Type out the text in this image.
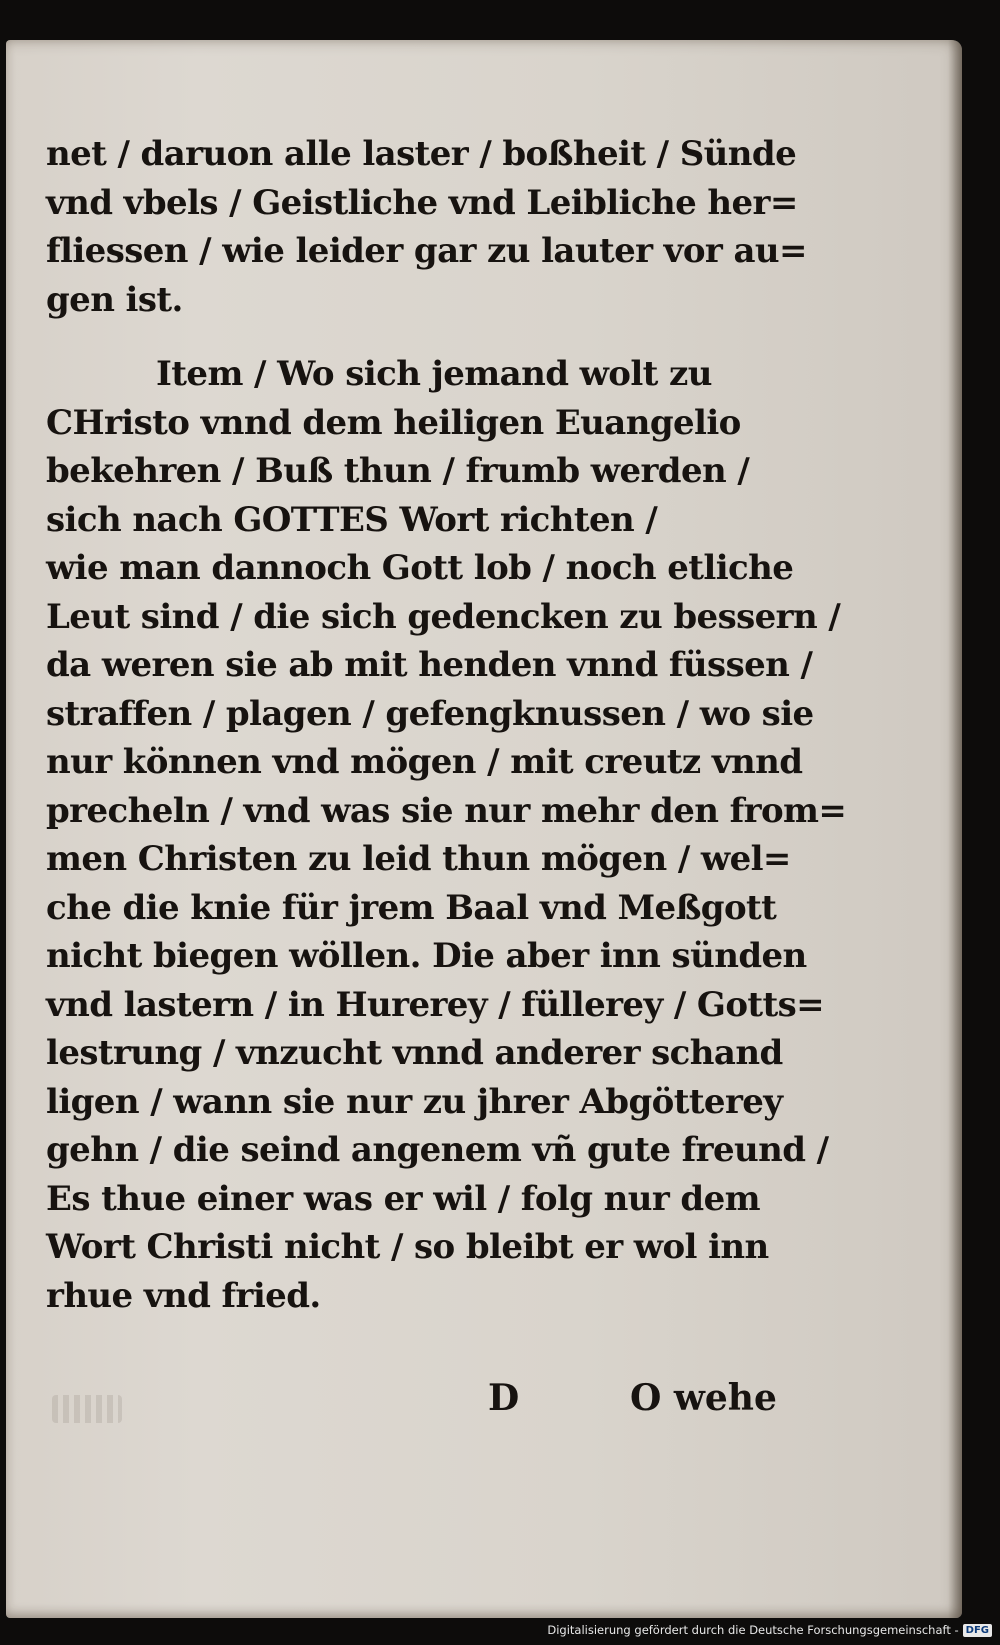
net / daruon alle laster / boßheit / Sünde
vnd vbels / Geistliche vnd Leibliche her=
fliessen / wie leider gar zu lauter vor au=
gen ist.
Item / Wo sich jemand wolt zu
CHristo vnnd dem heiligen Euangelio
bekehren / Buß thun / frumb werden /
sich nach GOTTES Wort richten /
wie man dannoch Gott lob / noch etliche
Leut sind / die sich gedencken zu bessern /
da weren sie ab mit henden vnnd füssen /
straffen / plagen / gefengknussen / wo sie
nur können vnd mögen / mit creutz vnnd
precheln / vnd was sie nur mehr den from=
men Christen zu leid thun mögen / wel=
che die knie für jrem Baal vnd Meßgott
nicht biegen wöllen. Die aber inn sünden
vnd lastern / in Hurerey / füllerey / Gotts=
lestrung / vnzucht vnnd anderer schand
ligen / wann sie nur zu jhrer Abgötterey
gehn / die seind angenem vñ gute freund /
Es thue einer was er wil / folg nur dem
Wort Christi nicht / so bleibt er wol inn
rhue vnd fried.
D	O wehe
Digitalisierung gefördert durch die Deutsche Forschungsgemeinschaft - DFG
